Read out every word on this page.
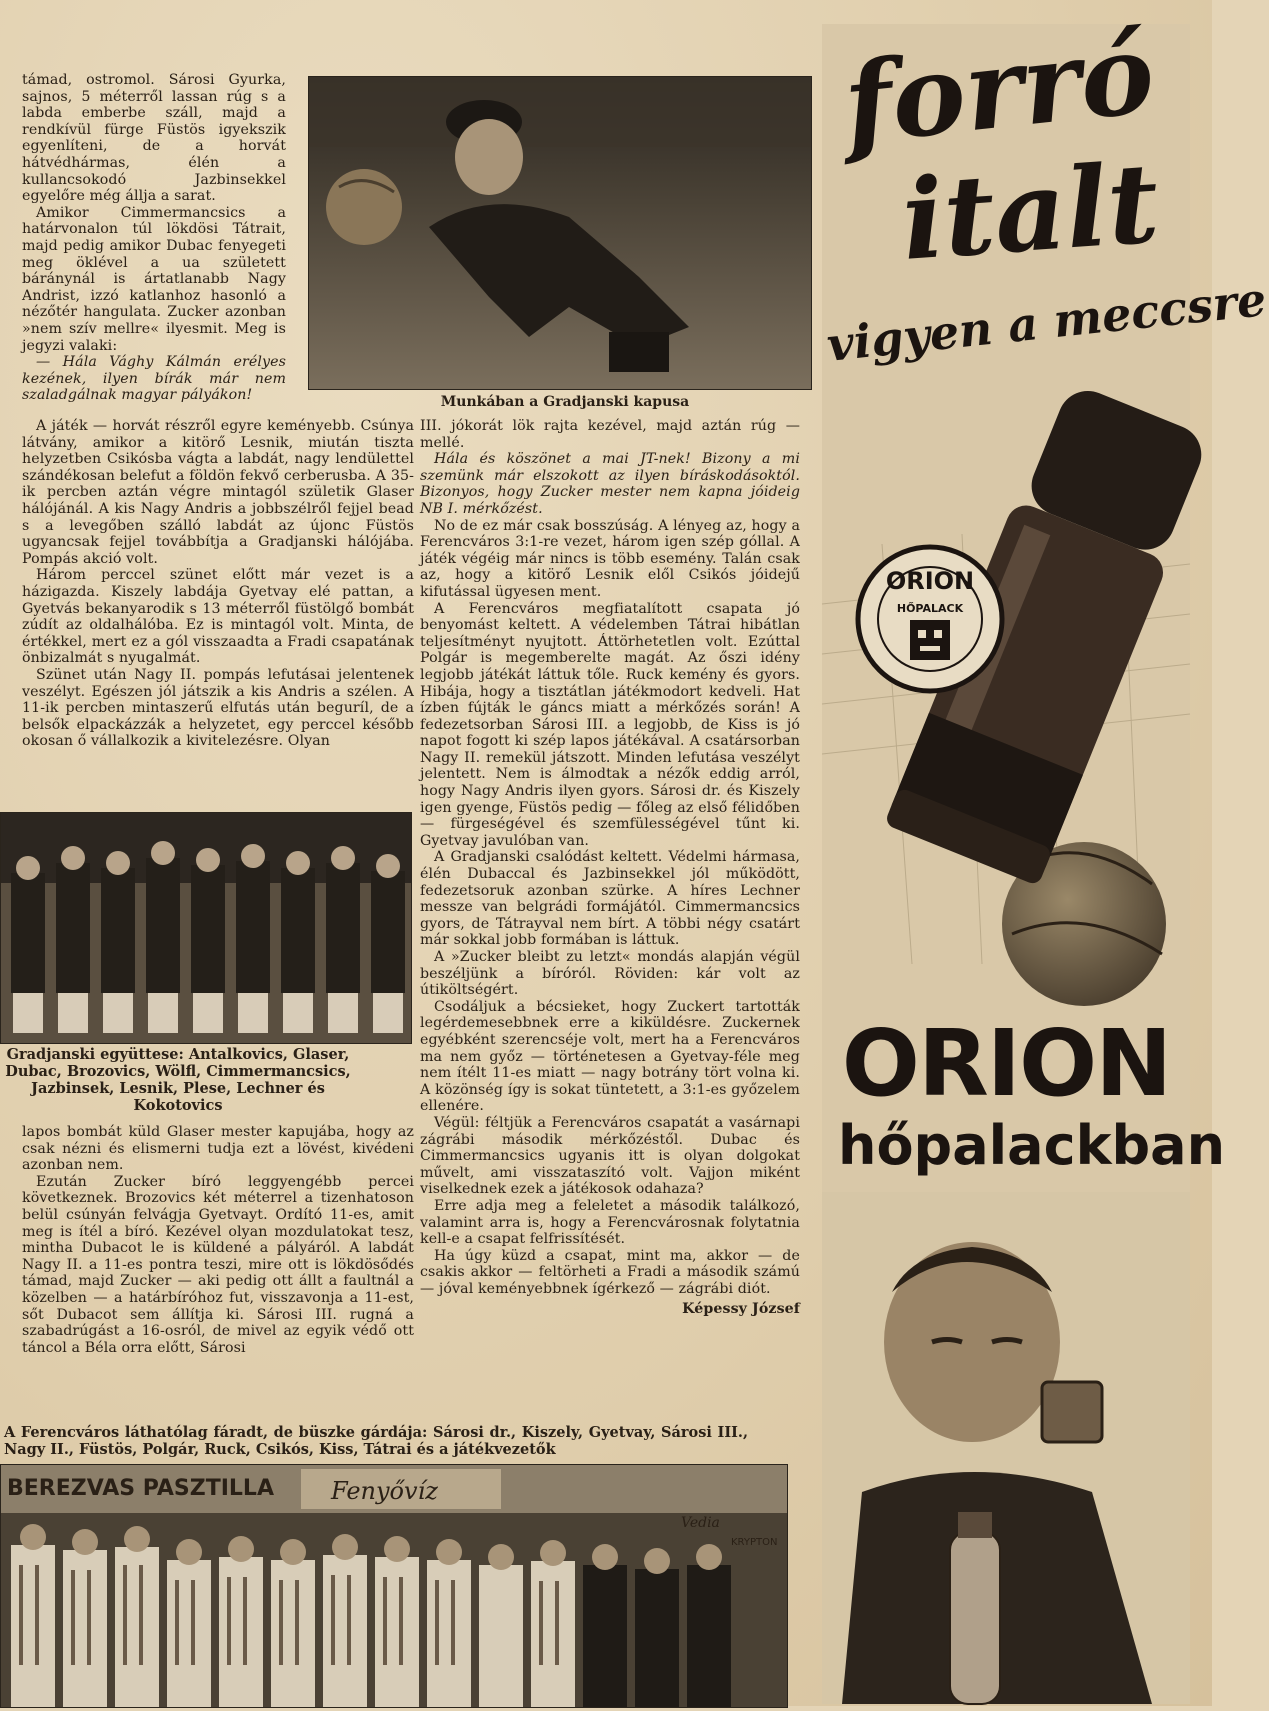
támad, ostromol. Sárosi Gyurka, sajnos, 5 méterről lassan rúg s a labda emberbe száll, majd a rendkívül fürge Füstös igyekszik egyenlíteni, de a horvát hátvédhármas, élén a kullancsokodó Jazbinsekkel egyelőre még állja a sarat.

Amikor Cimmermancsics a határvonalon túl lökdösi Tátrait, majd pedig amikor Dubac fenyegeti meg öklével a ua született báránynál is ártatlanabb Nagy Andrist, izzó katlanhoz hasonló a nézőtér hangulata. Zucker azonban »nem szív mellre« ilyesmit. Meg is jegyzi valaki:

— Hála Vághy Kálmán erélyes kezének, ilyen bírák már nem szaladgálnak magyar pályákon!

A játék — horvát részről egyre keményebb. Csúnya látvány, amikor a kitörő Lesnik, miután tiszta helyzetben Csikósba vágta a labdát, nagy lendülettel szándékosan belefut a földön fekvő cerberusba. A 35-ik percben aztán végre mintagól születik Glaser hálójánál. A kis Nagy Andris a jobbszélről fejjel bead s a levegőben szálló labdát az újonc Füstös ugyancsak fejjel továbbítja a Gradjanski hálójába. Pompás akció volt.

Három perccel szünet előtt már vezet is a házigazda. Kiszely labdája Gyetvay elé pattan, a Gyetvás bekanyarodik s 13 méterről füstölgő bombát zúdít az oldalhálóba. Ez is mintagól volt. Minta, de értékkel, mert ez a gól visszaadta a Fradi csapatának önbizalmát s nyugalmát.

Szünet után Nagy II. pompás lefutásai jelentenek veszélyt. Egészen jól játszik a kis Andris a szélen. A 11-ik percben mintaszerű elfutás után beguríl, de a belsők elpackázzák a helyzetet, egy perccel később okosan ő vállalkozik a kivitelezésre. Olyan

Munkában a Gradjanski kapusa

III. jókorát lök rajta kezével, majd aztán rúg — mellé.

Hála és köszönet a mai JT-nek! Bizony a mi szemünk már elszokott az ilyen bíráskodásoktól. Bizonyos, hogy Zucker mester nem kapna jóideig NB I. mérkőzést.

No de ez már csak bosszúság. A lényeg az, hogy a Ferencváros 3:1-re vezet, három igen szép góllal. A játék végéig már nincs is több esemény. Talán csak az, hogy a kitörő Lesnik elől Csikós jóidejű kifutással ügyesen ment.

A Ferencváros megfiatalított csapata jó benyomást keltett. A védelemben Tátrai hibátlan teljesítményt nyujtott. Áttörhetetlen volt. Ezúttal Polgár is megemberelte magát. Az őszi idény legjobb játékát láttuk tőle. Ruck kemény és gyors. Hibája, hogy a tisztátlan játékmodort kedveli. Hat ízben fújták le gáncs miatt a mérkőzés során! A fedezetsorban Sárosi III. a legjobb, de Kiss is jó napot fogott ki szép lapos játékával. A csatársorban Nagy II. remekül játszott. Minden lefutása veszélyt jelentett. Nem is álmodtak a nézők eddig arról, hogy Nagy Andris ilyen gyors. Sárosi dr. és Kiszely igen gyenge, Füstös pedig — főleg az első félidőben — fürgeségével és szemfülességével tűnt ki. Gyetvay javulóban van.

A Gradjanski csalódást keltett. Védelmi hármasa, élén Dubaccal és Jazbinsekkel jól működött, fedezetsoruk azonban szürke. A híres Lechner messze van belgrádi formájától. Cimmermancsics gyors, de Tátrayval nem bírt. A többi négy csatárt már sokkal jobb formában is láttuk.

A »Zucker bleibt zu letzt« mondás alapján végül beszéljünk a bíróról. Röviden: kár volt az útiköltségért.

Csodáljuk a bécsieket, hogy Zuckert tartották legérdemesebbnek erre a kiküldésre. Zuckernek egyébként szerencséje volt, mert ha a Ferencváros ma nem győz — történetesen a Gyetvay-féle meg nem ítélt 11-es miatt — nagy botrány tört volna ki. A közönség így is sokat tüntetett, a 3:1-es győzelem ellenére.

Végül: féltjük a Ferencváros csapatát a vasárnapi zágrábi második mérkőzéstől. Dubac és Cimmermancsics ugyanis itt is olyan dolgokat művelt, ami visszataszító volt. Vajjon miként viselkednek ezek a játékosok odahaza?

Erre adja meg a feleletet a második találkozó, valamint arra is, hogy a Ferencvárosnak folytatnia kell-e a csapat felfrissítését.

Ha úgy küzd a csapat, mint ma, akkor — de csakis akkor — feltörheti a Fradi a második számú — jóval keményebbnek ígérkező — zágrábi diót.

Képessy József

Gradjanski együttese: Antalkovics, Glaser, Dubac, Brozovics, Wölfl, Cimmermancsics, Jazbinsek, Lesnik, Plese, Lechner és Kokotovics

lapos bombát küld Glaser mester kapujába, hogy az csak nézni és elismerni tudja ezt a lövést, kivédeni azonban nem.

Ezután Zucker bíró leggyengébb percei következnek. Brozovics két méterrel a tizenhatoson belül csúnyán felvágja Gyetvayt. Ordító 11-es, amit meg is ítél a bíró. Kezével olyan mozdulatokat tesz, mintha Dubacot le is küldené a pályáról. A labdát Nagy II. a 11-es pontra teszi, mire ott is lökdösődés támad, majd Zucker — aki pedig ott állt a faultnál a közelben — a határbíróhoz fut, visszavonja a 11-est, sőt Dubacot sem állítja ki. Sárosi III. rugná a szabadrúgást a 16-osról, de mivel az egyik védő ott táncol a Béla orra előtt, Sárosi

A Ferencváros láthatólag fáradt, de büszke gárdája: Sárosi dr., Kiszely, Gyetvay, Sárosi III., Nagy II., Füstös, Polgár, Ruck, Csikós, Kiss, Tátrai és a játékvezetők
BEREZVAS PASZTILLA Fenyővíz
Vedia
KRYPTON
forró
italt
vigyen a meccsre
ORION
HŐPALACK
ORION
hőpalackban
